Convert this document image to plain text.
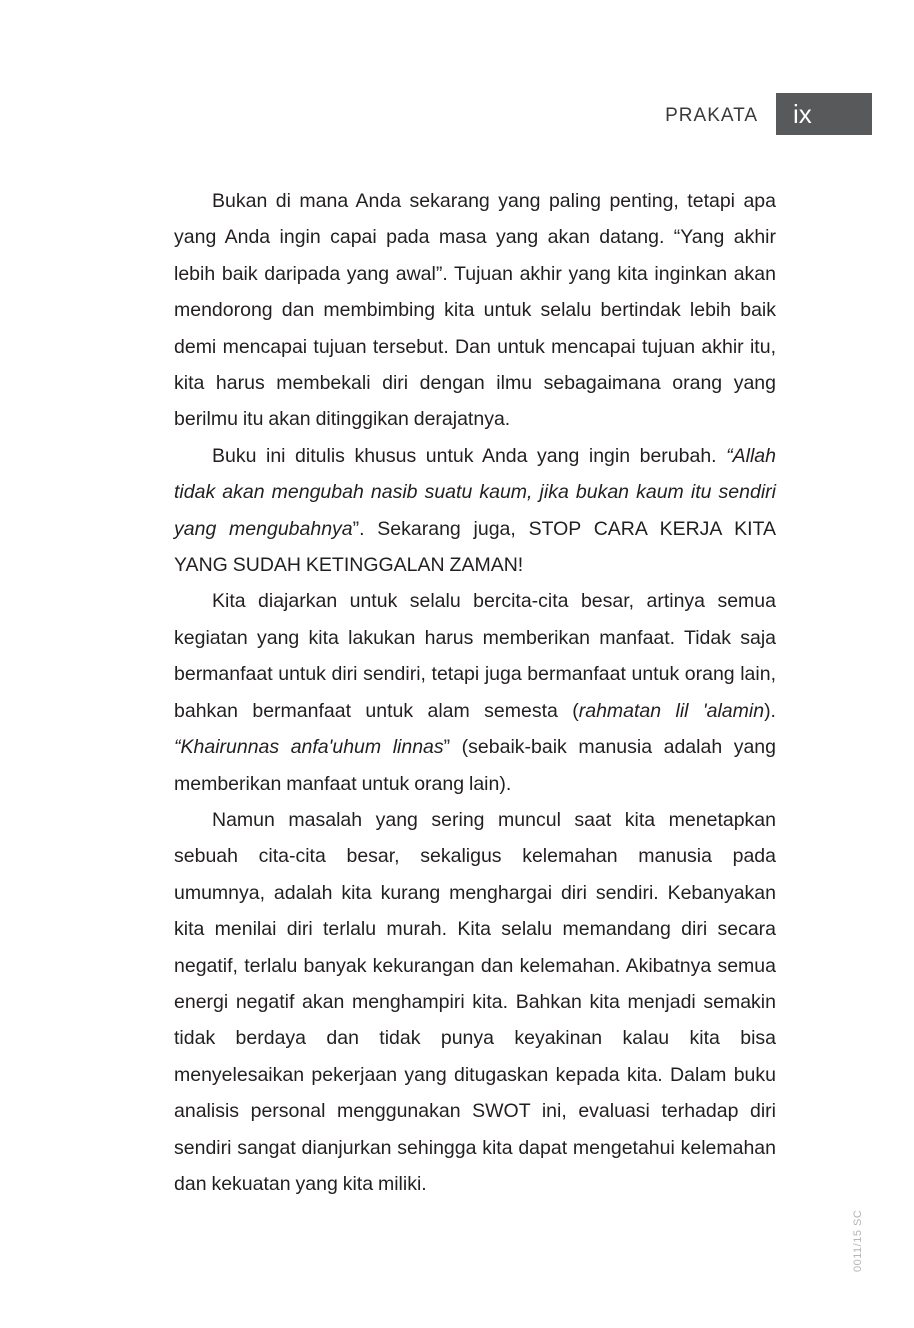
PRAKATA	ix

Bukan di mana Anda sekarang yang paling penting, tetapi apa yang Anda ingin capai pada masa yang akan datang. “Yang akhir lebih baik daripada yang awal”. Tujuan akhir yang kita inginkan akan mendorong dan membimbing kita untuk selalu bertindak lebih baik demi mencapai tujuan tersebut. Dan untuk mencapai tujuan akhir itu, kita harus membekali diri dengan ilmu sebagaimana orang yang berilmu itu akan ditinggikan derajatnya.

Buku ini ditulis khusus untuk Anda yang ingin berubah. “Allah tidak akan mengubah nasib suatu kaum, jika bukan kaum itu sendiri yang mengubahnya”. Sekarang juga, STOP CARA KERJA KITA YANG SUDAH KETINGGALAN ZAMAN!

Kita diajarkan untuk selalu bercita-cita besar, artinya semua kegiatan yang kita lakukan harus memberikan manfaat. Tidak saja bermanfaat untuk diri sendiri, tetapi juga bermanfaat untuk orang lain, bahkan bermanfaat untuk alam semesta (rahmatan lil 'alamin). “Khairunnas anfa'uhum linnas” (sebaik-baik manusia adalah yang memberikan manfaat untuk orang lain).

Namun masalah yang sering muncul saat kita menetapkan sebuah cita-cita besar, sekaligus kelemahan manusia pada umumnya, adalah kita kurang menghargai diri sendiri. Kebanyakan kita menilai diri terlalu murah. Kita selalu memandang diri secara negatif, terlalu banyak kekurangan dan kelemahan. Akibatnya semua energi negatif akan menghampiri kita. Bahkan kita menjadi semakin tidak berdaya dan tidak punya keyakinan kalau kita bisa menyelesaikan pekerjaan yang ditugaskan kepada kita. Dalam buku analisis personal menggunakan SWOT ini, evaluasi terhadap diri sendiri sangat dianjurkan sehingga kita dapat mengetahui kelemahan dan kekuatan yang kita miliki.

0011/15 SC
